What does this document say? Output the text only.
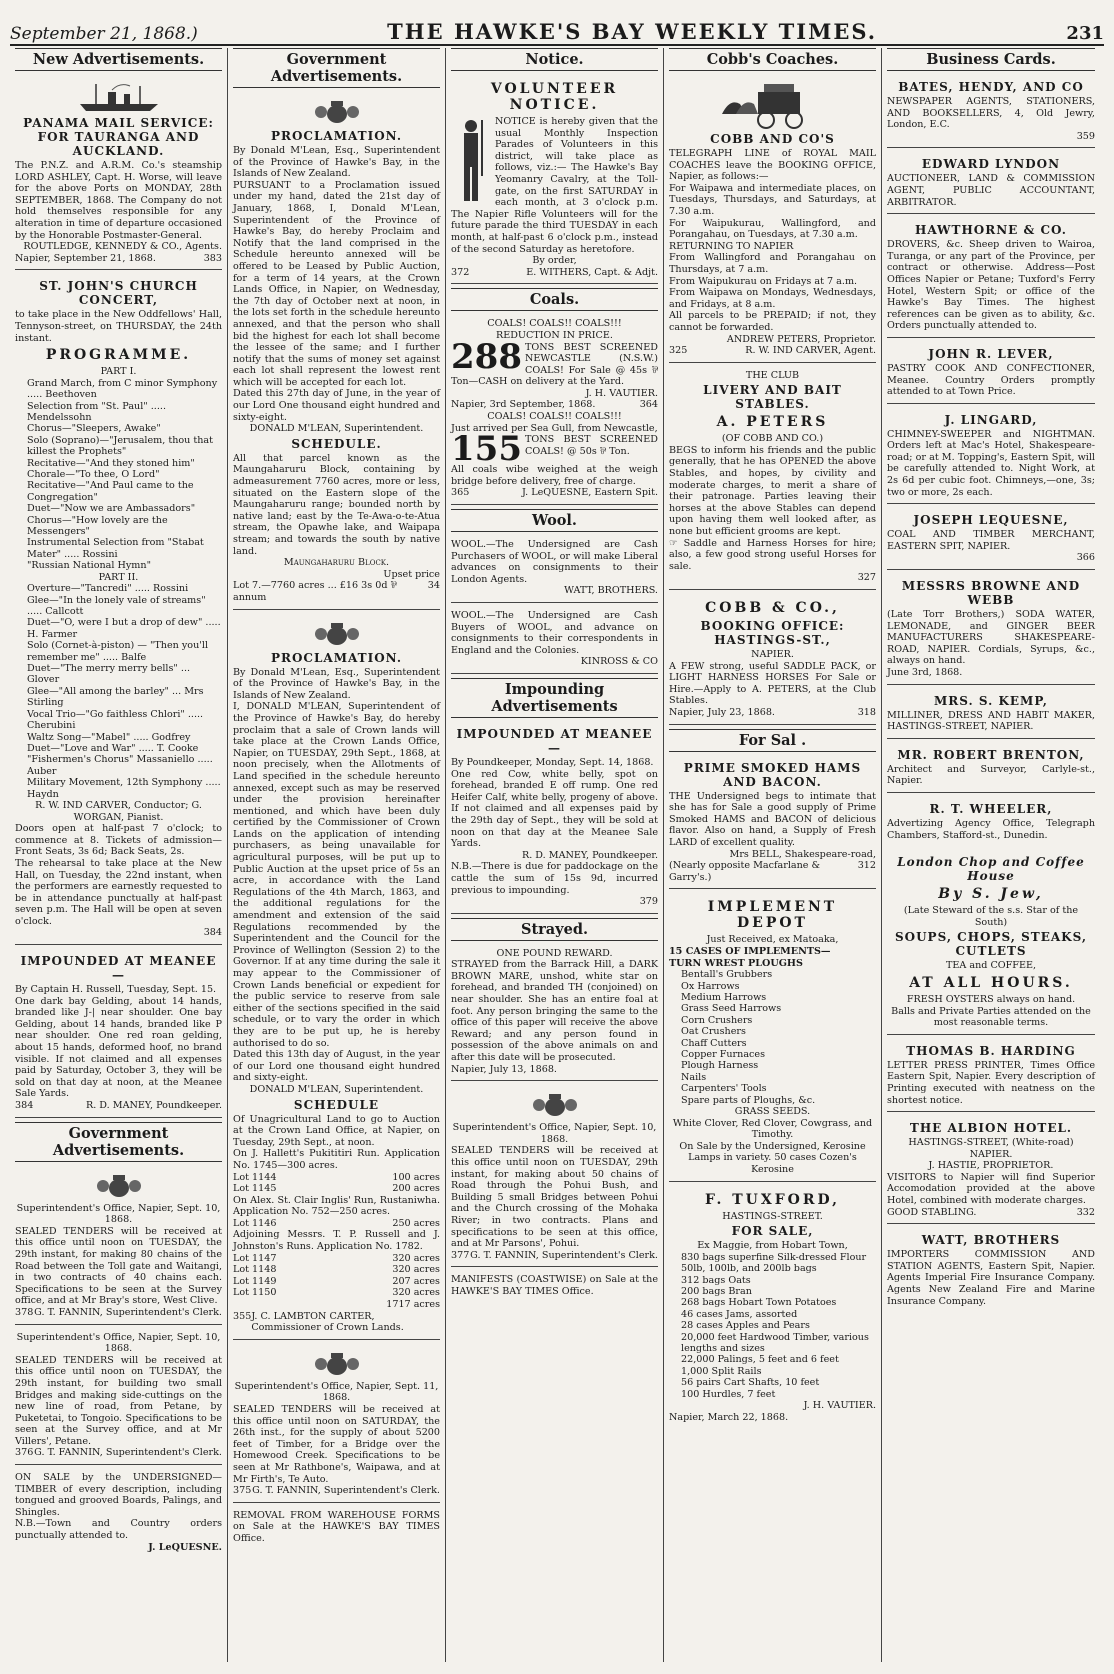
September 21, 1868.)	THE HAWKE'S BAY WEEKLY TIMES.	231
New Advertisements.

PANAMA MAIL SERVICE: FOR TAURANGA AND AUCKLAND.

The P.N.Z. and A.R.M. Co.'s steamship LORD ASHLEY, Capt. H. Worse, will leave for the above Ports on MONDAY, 28th SEPTEMBER, 1868. The Company do not hold themselves responsible for any alteration in time of departure occasioned by the Honorable Postmaster-General.

ROUTLEDGE, KENNEDY & CO., Agents.

Napier, September 21, 1868.	383

ST. JOHN'S CHURCH CONCERT,

to take place in the New Oddfellows' Hall, Tennyson-street, on THURSDAY, the 24th instant.

PROGRAMME.

PART I.

Grand March, from C minor Symphony ..... Beethoven
Selection from "St. Paul" ..... Mendelssohn
Chorus—"Sleepers, Awake"
Solo (Soprano)—"Jerusalem, thou that killest the Prophets"
Recitative—"And they stoned him"
Chorale—"To thee, O Lord"
Recitative—"And Paul came to the Congregation"
Duet—"Now we are Ambassadors"
Chorus—"How lovely are the Messengers"
Instrumental Selection from "Stabat Mater" ..... Rossini
"Russian National Hymn"

PART II.

Overture—"Tancredi" ..... Rossini
Glee—"In the lonely vale of streams" ..... Callcott
Duet—"O, were I but a drop of dew" ..... H. Farmer
Solo (Cornet-à-piston) — "Then you'll remember me" ..... Balfe
Duet—"The merry merry bells" ... Glover
Glee—"All among the barley" ... Mrs Stirling
Vocal Trio—"Go faithless Chlori" ..... Cherubini
Waltz Song—"Mabel" ..... Godfrey
Duet—"Love and War" ..... T. Cooke
"Fishermen's Chorus" Massaniello ..... Auber
Military Movement, 12th Symphony ..... Haydn

R. W. IND CARVER, Conductor; G. WORGAN, Pianist.

Doors open at half-past 7 o'clock; to commence at 8. Tickets of admission—Front Seats, 3s 6d; Back Seats, 2s.

The rehearsal to take place at the New Hall, on Tuesday, the 22nd instant, when the performers are earnestly requested to be in attendance punctually at half-past seven p.m. The Hall will be open at seven o'clock.

384

IMPOUNDED AT MEANEE—

By Captain H. Russell, Tuesday, Sept. 15.

One dark bay Gelding, about 14 hands, branded like J-| near shoulder. One bay Gelding, about 14 hands, branded like P near shoulder. One red roan gelding, about 15 hands, deformed hoof, no brand visible. If not claimed and all expenses paid by Saturday, October 3, they will be sold on that day at noon, at the Meanee Sale Yards.

384	R. D. MANEY, Poundkeeper.
Government Advertisements.

Superintendent's Office, Napier, Sept. 10, 1868.

SEALED TENDERS will be received at this office until noon on TUESDAY, the 29th instant, for making 80 chains of the Road between the Toll gate and Waitangi, in two contracts of 40 chains each. Specifications to be seen at the Survey office, and at Mr Bray's store, West Clive.

378 G. T. FANNIN, Superintendent's Clerk.

Superintendent's Office, Napier, Sept. 10, 1868.

SEALED TENDERS will be received at this office until noon on TUESDAY, the 29th instant, for building two small Bridges and making side-cuttings on the new line of road, from Petane, by Puketetai, to Tongoio. Specifications to be seen at the Survey office, and at Mr Villers', Petane.

376 G. T. FANNIN, Superintendent's Clerk.

ON SALE by the UNDERSIGNED—TIMBER of every description, including tongued and grooved Boards, Palings, and Shingles.

N.B.—Town and Country orders punctually attended to.

J. LeQUESNE.

Government Advertisements.

PROCLAMATION.

By Donald M'Lean, Esq., Superintendent of the Province of Hawke's Bay, in the Islands of New Zealand.

PURSUANT to a Proclamation issued under my hand, dated the 21st day of January, 1868, I, Donald M'Lean, Superintendent of the Province of Hawke's Bay, do hereby Proclaim and Notify that the land comprised in the Schedule hereunto annexed will be offered to be Leased by Public Auction, for a term of 14 years, at the Crown Lands Office, in Napier, on Wednesday, the 7th day of October next at noon, in the lots set forth in the schedule hereunto annexed, and that the person who shall bid the highest for each lot shall become the lessee of the same; and I further notify that the sums of money set against each lot shall represent the lowest rent which will be accepted for each lot.

Dated this 27th day of June, in the year of our Lord One thousand eight hundred and sixty-eight.

DONALD M'LEAN, Superintendent.

SCHEDULE.

All that parcel known as the Maungaharuru Block, containing by admeasurement 7760 acres, more or less, situated on the Eastern slope of the Maungaharuru range; bounded north by native land; east by the Te-Awa-o-te-Atua stream, the Opawhe lake, and Waipapa stream; and towards the south by native land.

Maungaharuru Block.

Upset price

Lot 7.—7760 acres ... £16 3s 0d ⅌ annum
34

PROCLAMATION.

By Donald M'Lean, Esq., Superintendent of the Province of Hawke's Bay, in the Islands of New Zealand.

I, DONALD M'LEAN, Superintendent of the Province of Hawke's Bay, do hereby proclaim that a sale of Crown lands will take place at the Crown Lands Office, Napier, on TUESDAY, 29th Sept., 1868, at noon precisely, when the Allotments of Land specified in the schedule hereunto annexed, except such as may be reserved under the provision hereinafter mentioned, and which have been duly certified by the Commissioner of Crown Lands on the application of intending purchasers, as being unavailable for agricultural purposes, will be put up to Public Auction at the upset price of 5s an acre, in accordance with the Land Regulations of the 4th March, 1863, and the additional regulations for the amendment and extension of the said Regulations recommended by the Superintendent and the Council for the Province of Wellington (Session 2) to the Governor. If at any time during the sale it may appear to the Commissioner of Crown Lands beneficial or expedient for the public service to reserve from sale either of the sections specified in the said schedule, or to vary the order in which they are to be put up, he is hereby authorised to do so.

Dated this 13th day of August, in the year of our Lord one thousand eight hundred and sixty-eight.

DONALD M'LEAN, Superintendent.

SCHEDULE

Of Unagricultural Land to go to Auction at the Crown Land Office, at Napier, on Tuesday, 29th Sept., at noon.

On J. Hallett's Pukititiri Run. Application No. 1745—300 acres.

Lot 1144	100 acres
Lot 1145	200 acres

On Alex. St. Clair Inglis' Run, Rustaniwha. Application No. 752—250 acres.

Lot 1146	250 acres

Adjoining Messrs. T. P. Russell and J. Johnston's Runs. Application No. 1782.

Lot 1147	320 acres
Lot 1148	320 acres
Lot 1149	207 acres
Lot 1150	320 acres

1717 acres

355 J. C. LAMBTON CARTER, Commissioner of Crown Lands.

Superintendent's Office, Napier, Sept. 11, 1868.

SEALED TENDERS will be received at this office until noon on SATURDAY, the 26th inst., for the supply of about 5200 feet of Timber, for a Bridge over the Homewood Creek. Specifications to be seen at Mr Rathbone's, Waipawa, and at Mr Firth's, Te Auto.

375 G. T. FANNIN, Superintendent's Clerk.

REMOVAL FROM WAREHOUSE FORMS on Sale at the HAWKE'S BAY TIMES Office.

Notice.

VOLUNTEER NOTICE.

NOTICE is hereby given that the usual Monthly Inspection Parades of Volunteers in this district, will take place as follows, viz.:— The Hawke's Bay Yeomanry Cavalry, at the Toll-gate, on the first SATURDAY in each month, at 3 o'clock p.m. The Napier Rifle Volunteers will for the future parade the third TUESDAY in each month, at half-past 6 o'clock p.m., instead of the second Saturday as heretofore.

By order,

372	E. WITHERS, Capt. & Adjt.
Coals.

COALS! COALS!! COALS!!!

REDUCTION IN PRICE.

288 TONS BEST SCREENED NEWCASTLE (N.S.W.) COALS! For Sale @ 45s ⅌ Ton—CASH on delivery at the Yard.

J. H. VAUTIER.

Napier, 3rd September, 1868.	364

COALS! COALS!! COALS!!!

Just arrived per Sea Gull, from Newcastle,

155 TONS BEST SCREENED COALS! @ 50s ⅌ Ton.

All coals wibe weighed at the weigh bridge before delivery, free of charge.

365	J. LeQUESNE, Eastern Spit.
Wool.

WOOL.—The Undersigned are Cash Purchasers of WOOL, or will make Liberal advances on consignments to their London Agents.

WATT, BROTHERS.

WOOL.—The Undersigned are Cash Buyers of WOOL, and advance on consignments to their correspondents in England and the Colonies.

KINROSS & CO

Impounding Advertisements

IMPOUNDED AT MEANEE—

By Poundkeeper, Monday, Sept. 14, 1868.

One red Cow, white belly, spot on forehead, branded E off rump. One red Heifer Calf, white belly, progeny of above. If not claimed and all expenses paid by the 29th day of Sept., they will be sold at noon on that day at the Meanee Sale Yards.

R. D. MANEY, Poundkeeper.

N.B.—There is due for paddockage on the cattle the sum of 15s 9d, incurred previous to impounding.

379

Strayed.

ONE POUND REWARD.

STRAYED from the Barrack Hill, a DARK BROWN MARE, unshod, white star on forehead, and branded TH (conjoined) on near shoulder. She has an entire foal at foot. Any person bringing the same to the office of this paper will receive the above Reward; and any person found in possession of the above animals on and after this date will be prosecuted.

Napier, July 13, 1868.

Superintendent's Office, Napier, Sept. 10, 1868.

SEALED TENDERS will be received at this office until noon on TUESDAY, 29th instant, for making about 50 chains of Road through the Pohui Bush, and Building 5 small Bridges between Pohui and the Church crossing of the Mohaka River; in two contracts. Plans and specifications to be seen at this office, and at Mr Parsons', Pohui.

377 G. T. FANNIN, Superintendent's Clerk.

MANIFESTS (COASTWISE) on Sale at the HAWKE'S BAY TIMES Office.

Cobb's Coaches.

COBB AND CO'S

TELEGRAPH LINE of ROYAL MAIL COACHES leave the BOOKING OFFICE, Napier, as follows:—

For Waipawa and intermediate places, on Tuesdays, Thursdays, and Saturdays, at 7.30 a.m.

For Waipukurau, Wallingford, and Porangahau, on Tuesdays, at 7.30 a.m.

RETURNING TO NAPIER

From Wallingford and Porangahau on Thursdays, at 7 a.m.

From Waipukurau on Fridays at 7 a.m.

From Waipawa on Mondays, Wednesdays, and Fridays, at 8 a.m.

All parcels to be PREPAID; if not, they cannot be forwarded.

ANDREW PETERS, Proprietor.

325	R. W. IND CARVER, Agent.

THE CLUB

LIVERY AND BAIT STABLES.

A. PETERS

(OF COBB AND CO.)

BEGS to inform his friends and the public generally, that he has OPENED the above Stables, and hopes, by civility and moderate charges, to merit a share of their patronage. Parties leaving their horses at the above Stables can depend upon having them well looked after, as none but efficient grooms are kept.

☞ Saddle and Harness Horses for hire; also, a few good strong useful Horses for sale.

327

COBB & CO.,

BOOKING OFFICE: HASTINGS-ST.,

NAPIER.

A FEW strong, useful SADDLE PACK, or LIGHT HARNESS HORSES For Sale or Hire.—Apply to A. PETERS, at the Club Stables.

Napier, July 23, 1868.	318
For Sal .

PRIME SMOKED HAMS AND BACON.

THE Undersigned begs to intimate that she has for Sale a good supply of Prime Smoked HAMS and BACON of delicious flavor. Also on hand, a Supply of Fresh LARD of excellent quality.

Mrs BELL, Shakespeare-road,

(Nearly opposite Macfarlane & Garry's.)
312

IMPLEMENT DEPOT

Just Received, ex Matoaka,

15 CASES OF IMPLEMENTS—

TURN WREST PLOUGHS

Bentall's Grubbers
Ox Harrows
Medium Harrows
Grass Seed Harrows
Corn Crushers
Oat Crushers
Chaff Cutters
Copper Furnaces
Plough Harness
Nails
Carpenters' Tools
Spare parts of Ploughs, &c.

GRASS SEEDS.

White Clover, Red Clover, Cowgrass, and Timothy.

On Sale by the Undersigned, Kerosine Lamps in variety. 50 cases Cozen's Kerosine

F. TUXFORD,

HASTINGS-STREET.

FOR SALE,

Ex Maggie, from Hobart Town,

830 bags superfine Silk-dressed Flour 50lb, 100lb, and 200lb bags
312 bags Oats
200 bags Bran
268 bags Hobart Town Potatoes
46 cases Jams, assorted
28 cases Apples and Pears
20,000 feet Hardwood Timber, various lengths and sizes
22,000 Palings, 5 feet and 6 feet
1,000 Split Rails
56 pairs Cart Shafts, 10 feet
100 Hurdles, 7 feet

J. H. VAUTIER.

Napier, March 22, 1868.

Business Cards.

BATES, HENDY, AND CO

NEWSPAPER AGENTS, STATIONERS, AND BOOKSELLERS, 4, Old Jewry, London, E.C.

359

EDWARD LYNDON

AUCTIONEER, LAND & COMMISSION AGENT, PUBLIC ACCOUNTANT, ARBITRATOR.

HAWTHORNE & CO.

DROVERS, &c. Sheep driven to Wairoa, Turanga, or any part of the Province, per contract or otherwise. Address—Post Offices Napier or Petane; Tuxford's Ferry Hotel, Western Spit; or office of the Hawke's Bay Times. The highest references can be given as to ability, &c. Orders punctually attended to.

JOHN R. LEVER,

PASTRY COOK AND CONFECTIONER, Meanee. Country Orders promptly attended to at Town Price.

J. LINGARD,

CHIMNEY-SWEEPER and NIGHTMAN. Orders left at Mac's Hotel, Shakespeare-road; or at M. Topping's, Eastern Spit, will be carefully attended to. Night Work, at 2s 6d per cubic foot. Chimneys,—one, 3s; two or more, 2s each.

JOSEPH LEQUESNE,

COAL AND TIMBER MERCHANT, EASTERN SPIT, NAPIER.

366

MESSRS BROWNE AND WEBB

(Late Torr Brothers,) SODA WATER, LEMONADE, and GINGER BEER MANUFACTURERS SHAKESPEARE-ROAD, NAPIER. Cordials, Syrups, &c., always on hand.

June 3rd, 1868.

MRS. S. KEMP,

MILLINER, DRESS AND HABIT MAKER, HASTINGS-STREET, NAPIER.

MR. ROBERT BRENTON,

Architect and Surveyor, Carlyle-st., Napier.

R. T. WHEELER,

Advertizing Agency Office, Telegraph Chambers, Stafford-st., Dunedin.

London Chop and Coffee House

By S. Jew,

(Late Steward of the s.s. Star of the South)

SOUPS, CHOPS, STEAKS, CUTLETS

TEA and COFFEE,

AT ALL HOURS.

FRESH OYSTERS always on hand.

Balls and Private Parties attended on the most reasonable terms.

THOMAS B. HARDING

LETTER PRESS PRINTER, Times Office Eastern Spit, Napier. Every description of Printing executed with neatness on the shortest notice.

THE ALBION HOTEL.

HASTINGS-STREET, (White-road) NAPIER.

J. HASTIE, PROPRIETOR.

VISITORS to Napier will find Superior Accomodation provided at the above Hotel, combined with moderate charges.

GOOD STABLING.	332

WATT, BROTHERS

IMPORTERS COMMISSION AND STATION AGENTS, Eastern Spit, Napier. Agents Imperial Fire Insurance Company. Agents New Zealand Fire and Marine Insurance Company.
